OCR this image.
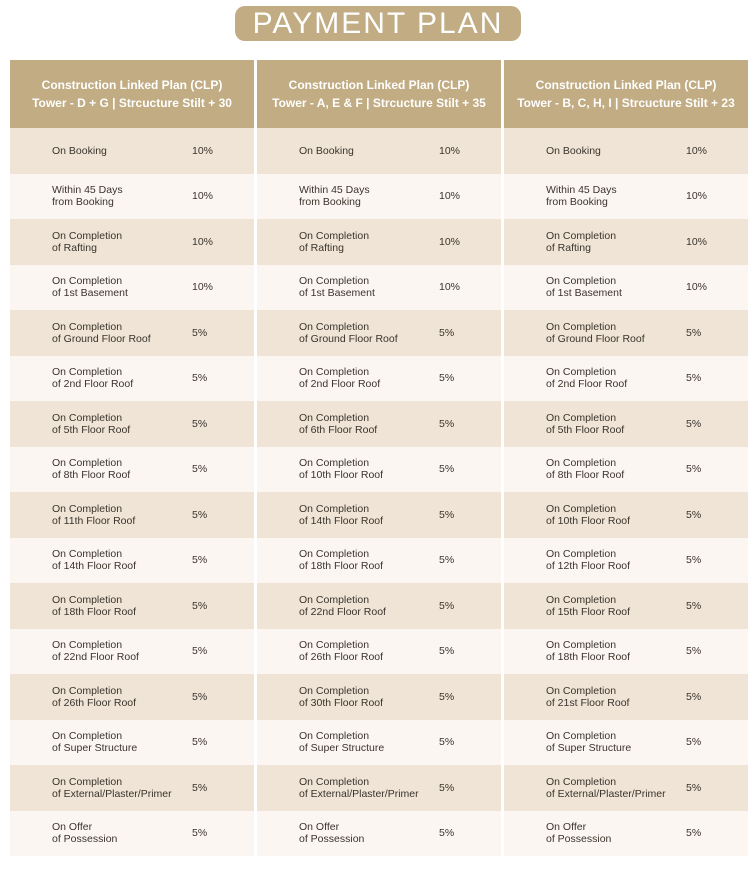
PAYMENT PLAN
Construction Linked Plan (CLP)
Tower - D + G | Strcucture Stilt + 30
On Booking	10%
Within 45 Days
from Booking	10%
On Completion
of Rafting	10%
On Completion
of 1st Basement	10%
On Completion
of Ground Floor Roof	5%
On Completion
of 2nd Floor Roof	5%
On Completion
of 5th Floor Roof	5%
On Completion
of 8th Floor Roof	5%
On Completion
of 11th Floor Roof	5%
On Completion
of 14th Floor Roof	5%
On Completion
of 18th Floor Roof	5%
On Completion
of 22nd Floor Roof	5%
On Completion
of 26th Floor Roof	5%
On Completion
of Super Structure	5%
On Completion
of External/Plaster/Primer	5%
On Offer
of Possession	5%
Construction Linked Plan (CLP)
Tower - A, E & F | Strcucture Stilt + 35
On Booking	10%
Within 45 Days
from Booking	10%
On Completion
of Rafting	10%
On Completion
of 1st Basement	10%
On Completion
of Ground Floor Roof	5%
On Completion
of 2nd Floor Roof	5%
On Completion
of 6th Floor Roof	5%
On Completion
of 10th Floor Roof	5%
On Completion
of 14th Floor Roof	5%
On Completion
of 18th Floor Roof	5%
On Completion
of 22nd Floor Roof	5%
On Completion
of 26th Floor Roof	5%
On Completion
of 30th Floor Roof	5%
On Completion
of Super Structure	5%
On Completion
of External/Plaster/Primer	5%
On Offer
of Possession	5%
Construction Linked Plan (CLP)
Tower - B, C, H, I | Strcucture Stilt + 23
On Booking	10%
Within 45 Days
from Booking	10%
On Completion
of Rafting	10%
On Completion
of 1st Basement	10%
On Completion
of Ground Floor Roof	5%
On Completion
of 2nd Floor Roof	5%
On Completion
of 5th Floor Roof	5%
On Completion
of 8th Floor Roof	5%
On Completion
of 10th Floor Roof	5%
On Completion
of 12th Floor Roof	5%
On Completion
of 15th Floor Roof	5%
On Completion
of 18th Floor Roof	5%
On Completion
of 21st Floor Roof	5%
On Completion
of Super Structure	5%
On Completion
of External/Plaster/Primer	5%
On Offer
of Possession	5%
